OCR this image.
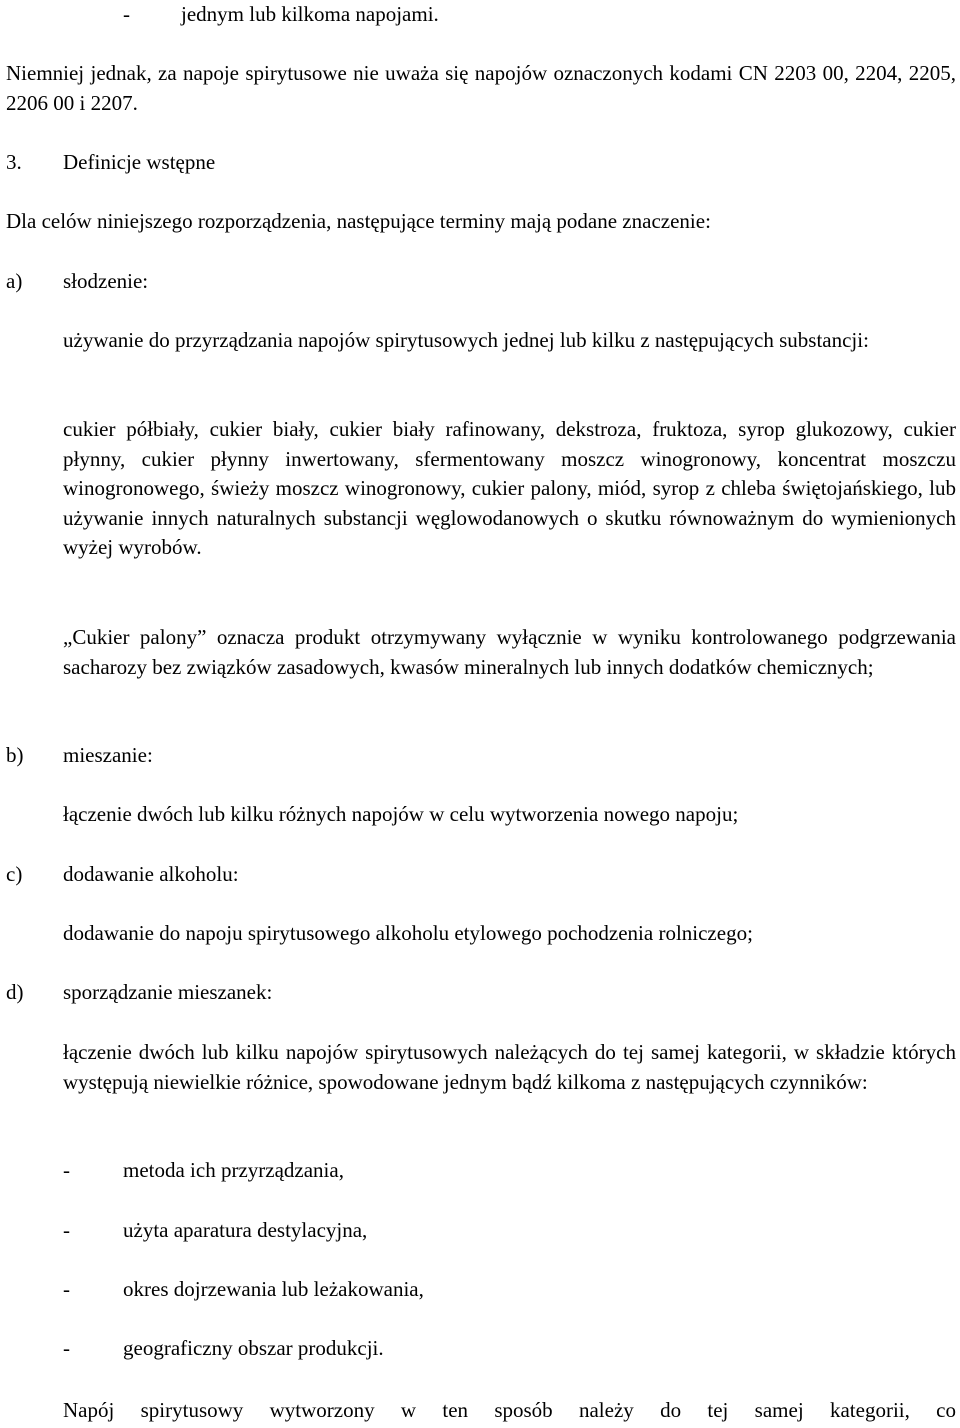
- jednym lub kilkoma napojami.

Niemniej jednak, za napoje spirytusowe nie uważa się napojów oznaczonych kodami CN 2203 00, 2204, 2205, 2206 00 i 2207.

3. Definicje wstępne

Dla celów niniejszego rozporządzenia, następujące terminy mają podane znaczenie:

a) słodzenie:

używanie do przyrządzania napojów spirytusowych jednej lub kilku z następujących substancji:

cukier półbiały, cukier biały, cukier biały rafinowany, dekstroza, fruktoza, syrop glukozowy, cukier płynny, cukier płynny inwertowany, sfermentowany moszcz winogronowy, koncentrat moszczu winogronowego, świeży moszcz winogronowy, cukier palony, miód, syrop z chleba świętojańskiego, lub używanie innych naturalnych substancji węglowodanowych o skutku równoważnym do wymienionych wyżej wyrobów.

„Cukier palony” oznacza produkt otrzymywany wyłącznie w wyniku kontrolowanego podgrzewania sacharozy bez związków zasadowych, kwasów mineralnych lub innych dodatków chemicznych;

b) mieszanie:

łączenie dwóch lub kilku różnych napojów w celu wytworzenia nowego napoju;

c) dodawanie alkoholu:

dodawanie do napoju spirytusowego alkoholu etylowego pochodzenia rolniczego;

d) sporządzanie mieszanek:

łączenie dwóch lub kilku napojów spirytusowych należących do tej samej kategorii, w składzie których występują niewielkie różnice, spowodowane jednym bądź kilkoma z następujących czynników:

-	metoda ich przyrządzania,

-	użyta aparatura destylacyjna,

-	okres dojrzewania lub leżakowania,

-	geograficzny obszar produkcji.

Napój spirytusowy wytworzony w ten sposób należy do tej samej kategorii, co
